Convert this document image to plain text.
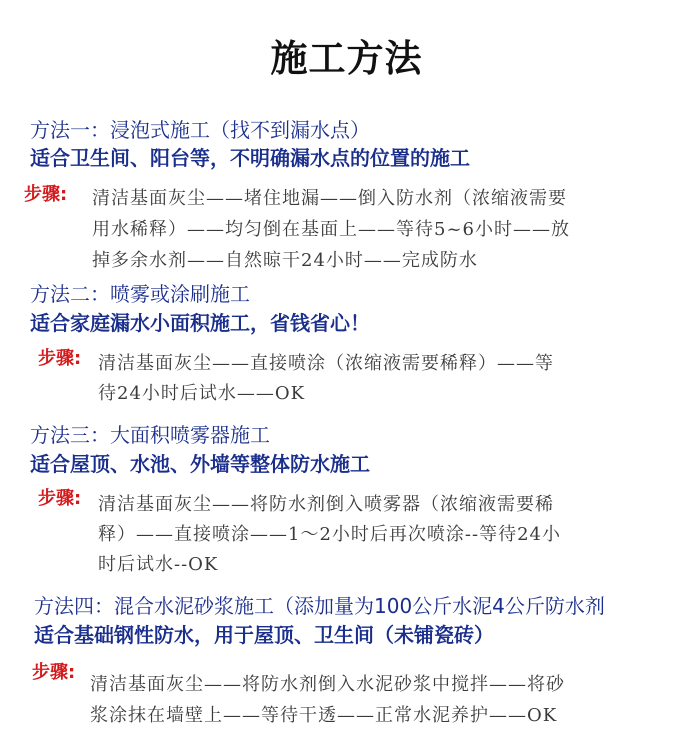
施工方法
方法一：浸泡式施工（找不到漏水点）
适合卫生间、阳台等，不明确漏水点的位置的施工
步骤: 清洁基面灰尘——堵住地漏——倒入防水剂（浓缩液需要
用水稀释）——均匀倒在基面上——等待5~6小时——放
掉多余水剂——自然晾干24小时——完成防水
方法二：喷雾或涂刷施工
适合家庭漏水小面积施工，省钱省心！
步骤: 清洁基面灰尘——直接喷涂（浓缩液需要稀释）——等
待24小时后试水——OK
方法三：大面积喷雾器施工
适合屋顶、水池、外墙等整体防水施工
步骤: 清洁基面灰尘——将防水剂倒入喷雾器（浓缩液需要稀
释）——直接喷涂——1～2小时后再次喷涂--等待24小
时后试水--OK
方法四：混合水泥砂浆施工（添加量为100公斤水泥4公斤防水剂
适合基础钢性防水，用于屋顶、卫生间（未铺瓷砖）
步骤:
清洁基面灰尘——将防水剂倒入水泥砂浆中搅拌——将砂
浆涂抹在墙壁上——等待干透——正常水泥养护——OK
